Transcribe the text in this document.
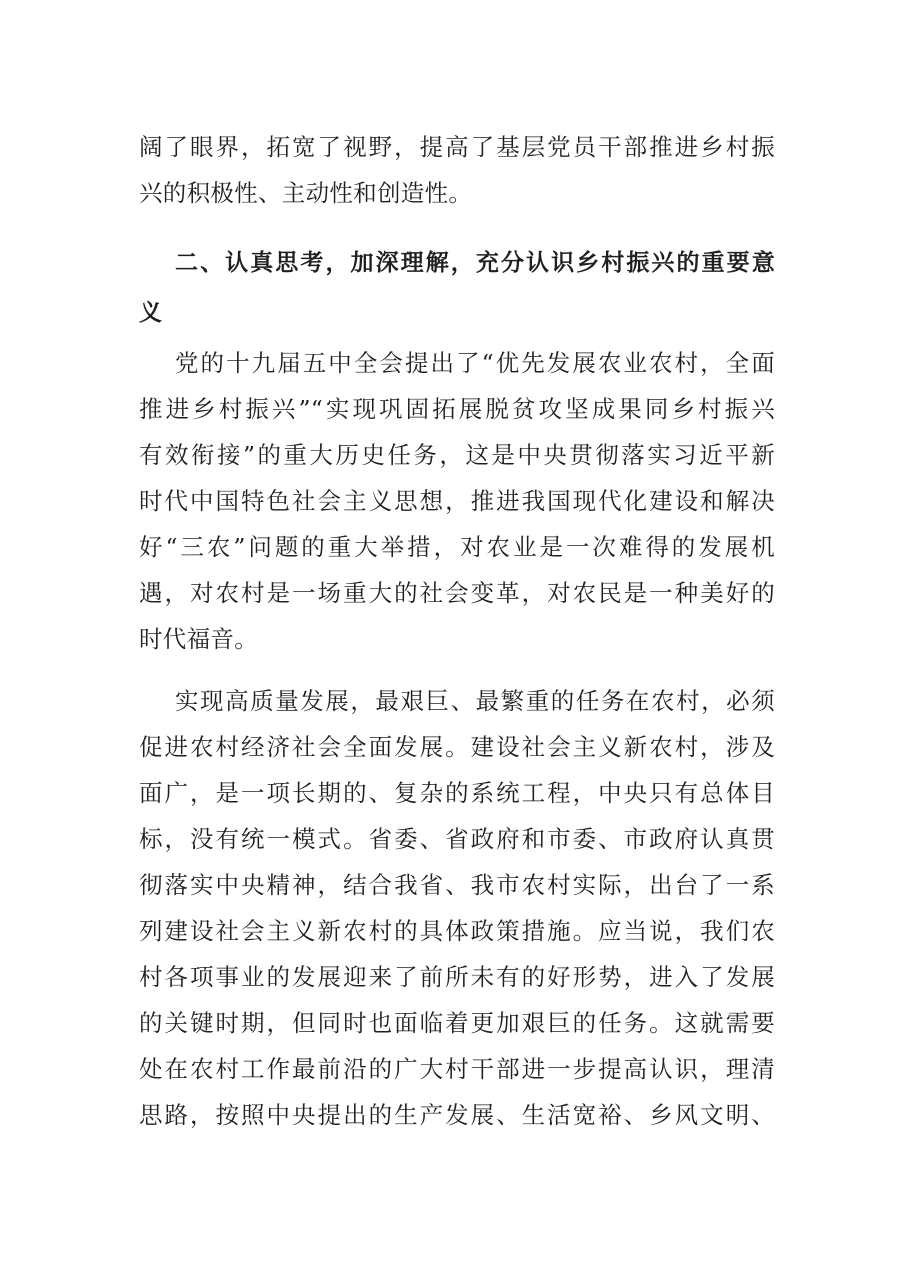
阔了眼界，拓宽了视野，提高了基层党员干部推进乡村振
兴的积极性、主动性和创造性。
二、认真思考，加深理解，充分认识乡村振兴的重要意
义
党的十九届五中全会提出了“优先发展农业农村，全面
推进乡村振兴”“实现巩固拓展脱贫攻坚成果同乡村振兴
有效衔接”的重大历史任务，这是中央贯彻落实习近平新
时代中国特色社会主义思想，推进我国现代化建设和解决
好“三农”问题的重大举措，对农业是一次难得的发展机
遇，对农村是一场重大的社会变革，对农民是一种美好的
时代福音。
实现高质量发展，最艰巨、最繁重的任务在农村，必须
促进农村经济社会全面发展。建设社会主义新农村，涉及
面广，是一项长期的、复杂的系统工程，中央只有总体目
标，没有统一模式。省委、省政府和市委、市政府认真贯
彻落实中央精神，结合我省、我市农村实际，出台了一系
列建设社会主义新农村的具体政策措施。应当说，我们农
村各项事业的发展迎来了前所未有的好形势，进入了发展
的关键时期，但同时也面临着更加艰巨的任务。这就需要
处在农村工作最前沿的广大村干部进一步提高认识，理清
思路，按照中央提出的生产发展、生活宽裕、乡风文明、
